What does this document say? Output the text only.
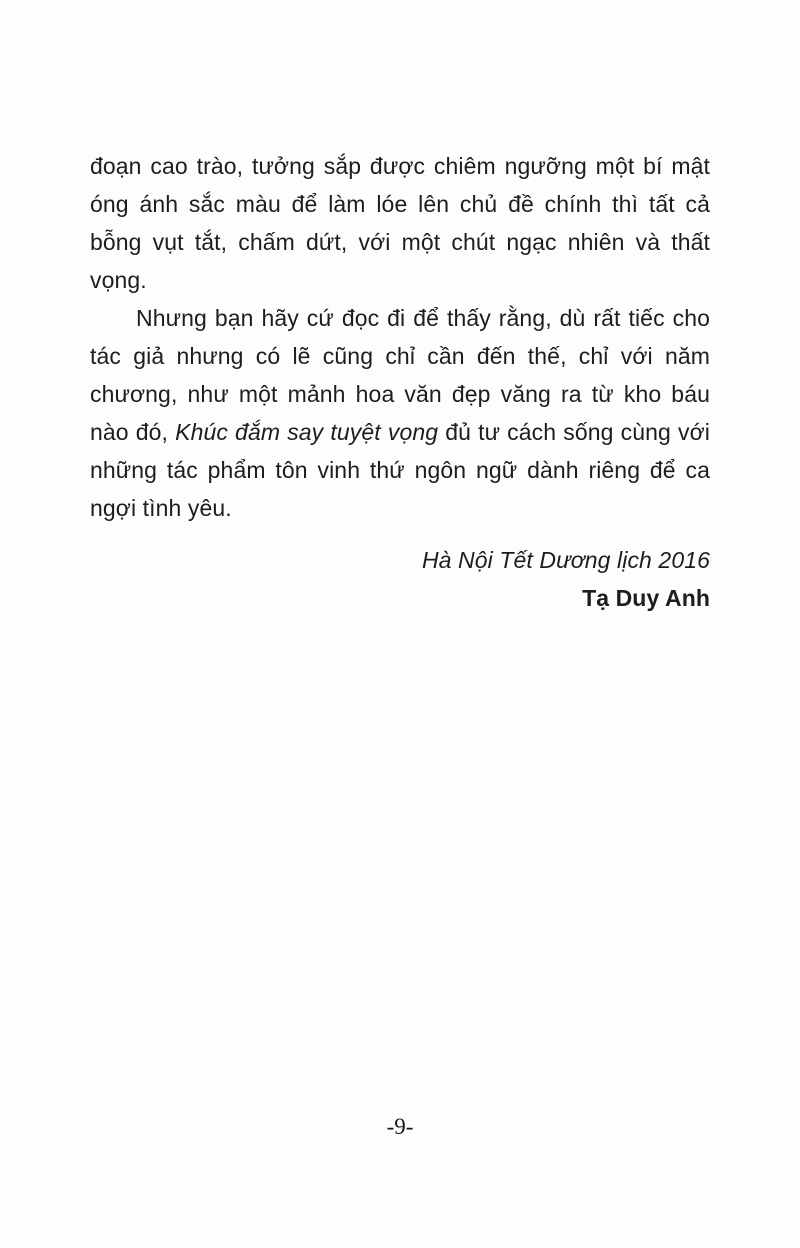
đoạn cao trào, tưởng sắp được chiêm ngưỡng một bí mật óng ánh sắc màu để làm lóe lên chủ đề chính thì tất cả bỗng vụt tắt, chấm dứt, với một chút ngạc nhiên và thất vọng.

Nhưng bạn hãy cứ đọc đi để thấy rằng, dù rất tiếc cho tác giả nhưng có lẽ cũng chỉ cần đến thế, chỉ với năm chương, như một mảnh hoa văn đẹp văng ra từ kho báu nào đó, Khúc đắm say tuyệt vọng đủ tư cách sống cùng với những tác phẩm tôn vinh thứ ngôn ngữ dành riêng để ca ngợi tình yêu.

Hà Nội Tết Dương lịch 2016
Tạ Duy Anh
-9-
